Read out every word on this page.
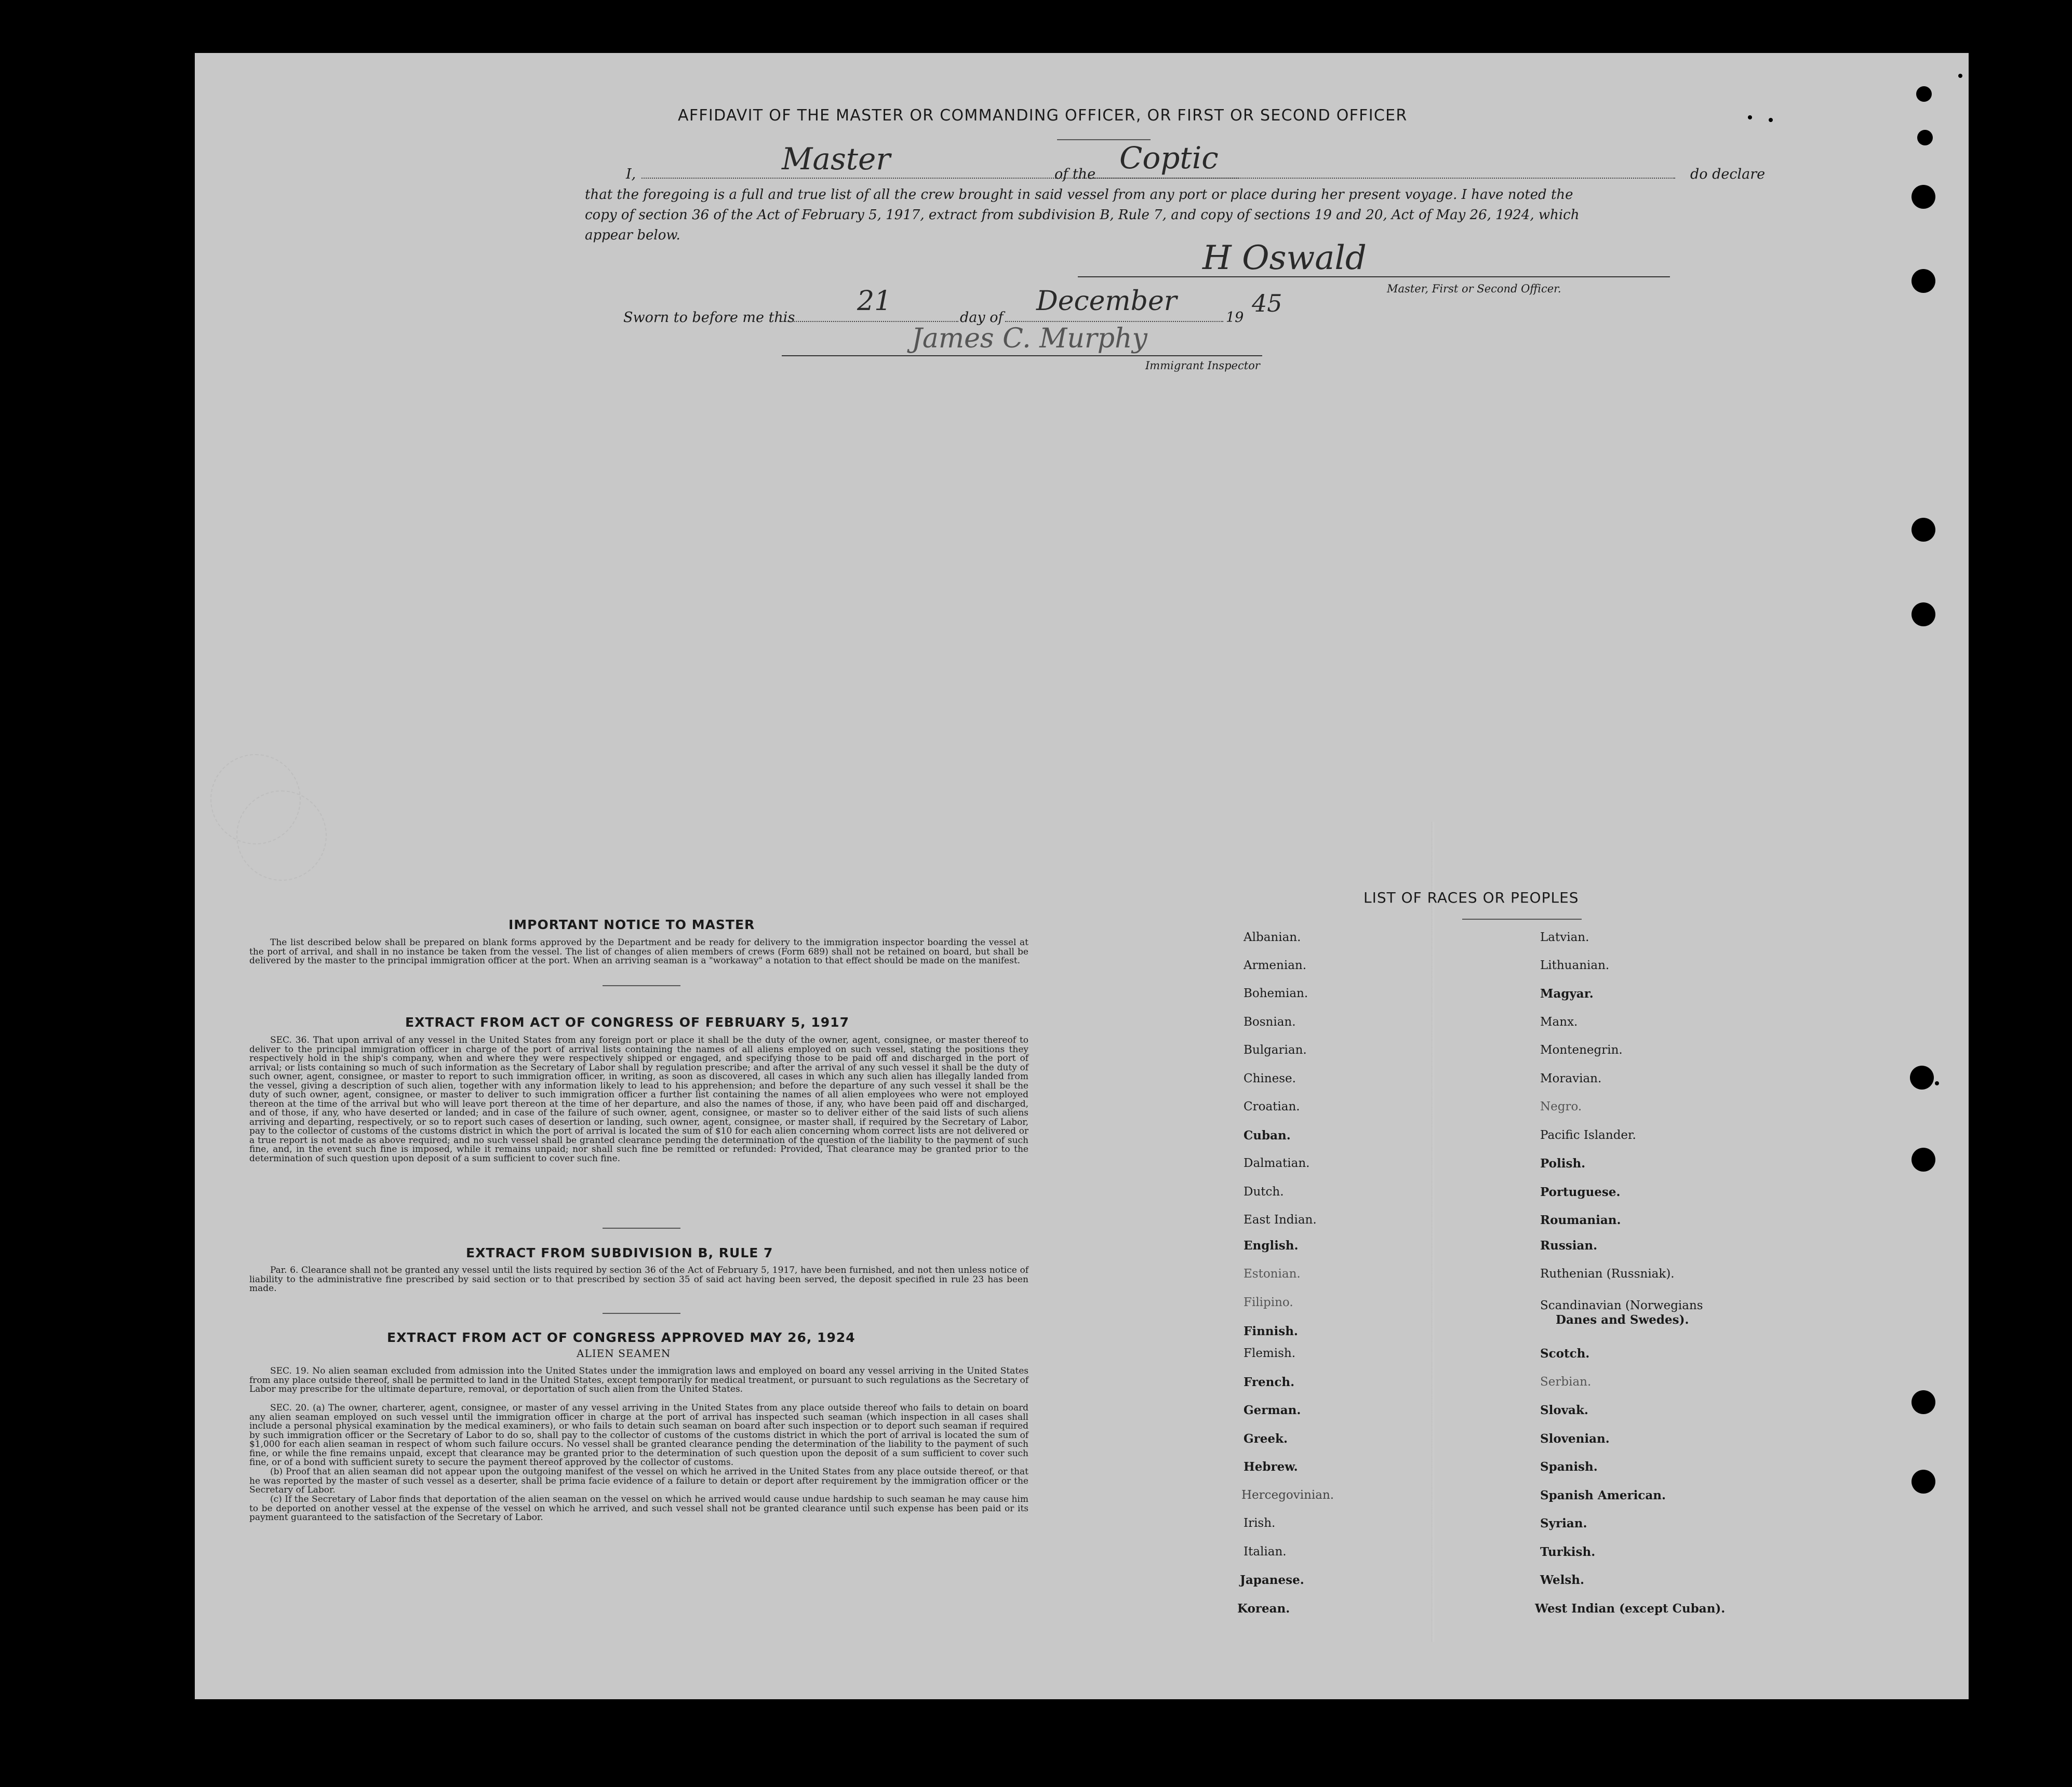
AFFIDAVIT OF THE MASTER OR COMMANDING OFFICER, OR FIRST OR SECOND OFFICER
I,	Master	of the Coptic	do declare
that the foregoing is a full and true list of all the crew brought in said vessel from any port or place during her present voyage. I have noted the
copy of section 36 of the Act of February 5, 1917, extract from subdivision B, Rule 7, and copy of sections 19 and 20, Act of May 26, 1924, which
appear below.
H Oswald
Master, First or Second Officer.
Sworn to before me this
21
day of
December
19
45
James C. Murphy
Immigrant Inspector
IMPORTANT NOTICE TO MASTER
The list described below shall be prepared on blank forms approved by the Department and be ready for delivery to the immigration inspector boarding the vessel at the port of arrival, and shall in no instance be taken from the vessel. The list of changes of alien members of crews (Form 689) shall not be retained on board, but shall be delivered by the master to the principal immigration officer at the port. When an arriving seaman is a "workaway" a notation to that effect should be made on the manifest.
EXTRACT FROM ACT OF CONGRESS OF FEBRUARY 5, 1917
SEC. 36. That upon arrival of any vessel in the United States from any foreign port or place it shall be the duty of the owner, agent, consignee, or master thereof to deliver to the principal immigration officer in charge of the port of arrival lists containing the names of all aliens employed on such vessel, stating the positions they respectively hold in the ship's company, when and where they were respectively shipped or engaged, and specifying those to be paid off and discharged in the port of arrival; or lists containing so much of such information as the Secretary of Labor shall by regulation prescribe; and after the arrival of any such vessel it shall be the duty of such owner, agent, consignee, or master to report to such immigration officer, in writing, as soon as discovered, all cases in which any such alien has illegally landed from the vessel, giving a description of such alien, together with any information likely to lead to his apprehension; and before the departure of any such vessel it shall be the duty of such owner, agent, consignee, or master to deliver to such immigration officer a further list containing the names of all alien employees who were not employed thereon at the time of the arrival but who will leave port thereon at the time of her departure, and also the names of those, if any, who have been paid off and discharged, and of those, if any, who have deserted or landed; and in case of the failure of such owner, agent, consignee, or master so to deliver either of the said lists of such aliens arriving and departing, respectively, or so to report such cases of desertion or landing, such owner, agent, consignee, or master shall, if required by the Secretary of Labor, pay to the collector of customs of the customs district in which the port of arrival is located the sum of $10 for each alien concerning whom correct lists are not delivered or a true report is not made as above required; and no such vessel shall be granted clearance pending the determination of the question of the liability to the payment of such fine, and, in the event such fine is imposed, while it remains unpaid; nor shall such fine be remitted or refunded: Provided, That clearance may be granted prior to the determination of such question upon deposit of a sum sufficient to cover such fine.
EXTRACT FROM SUBDIVISION B, RULE 7
Par. 6. Clearance shall not be granted any vessel until the lists required by section 36 of the Act of February 5, 1917, have been furnished, and not then unless notice of liability to the administrative fine prescribed by said section or to that prescribed by section 35 of said act having been served, the deposit specified in rule 23 has been made.
EXTRACT FROM ACT OF CONGRESS APPROVED MAY 26, 1924
ALIEN SEAMEN
SEC. 19. No alien seaman excluded from admission into the United States under the immigration laws and employed on board any vessel arriving in the United States from any place outside thereof, shall be permitted to land in the United States, except temporarily for medical treatment, or pursuant to such regulations as the Secretary of Labor may prescribe for the ultimate departure, removal, or deportation of such alien from the United States.
SEC. 20. (a) The owner, charterer, agent, consignee, or master of any vessel arriving in the United States from any place outside thereof who fails to detain on board any alien seaman employed on such vessel until the immigration officer in charge at the port of arrival has inspected such seaman (which inspection in all cases shall include a personal physical examination by the medical examiners), or who fails to detain such seaman on board after such inspection or to deport such seaman if required by such immigration officer or the Secretary of Labor to do so, shall pay to the collector of customs of the customs district in which the port of arrival is located the sum of $1,000 for each alien seaman in respect of whom such failure occurs. No vessel shall be granted clearance pending the determination of the liability to the payment of such fine, or while the fine remains unpaid, except that clearance may be granted prior to the determination of such question upon the deposit of a sum sufficient to cover such fine, or of a bond with sufficient surety to secure the payment thereof approved by the collector of customs.
(b) Proof that an alien seaman did not appear upon the outgoing manifest of the vessel on which he arrived in the United States from any place outside thereof, or that he was reported by the master of such vessel as a deserter, shall be prima facie evidence of a failure to detain or deport after requirement by the immigration officer or the Secretary of Labor.
(c) If the Secretary of Labor finds that deportation of the alien seaman on the vessel on which he arrived would cause undue hardship to such seaman he may cause him to be deported on another vessel at the expense of the vessel on which he arrived, and such vessel shall not be granted clearance until such expense has been paid or its payment guaranteed to the satisfaction of the Secretary of Labor.
LIST OF RACES OR PEOPLES
Albanian.
Armenian.
Bohemian.
Bosnian.
Bulgarian.
Chinese.
Croatian.
Cuban.
Dalmatian.
Dutch.
East Indian.
English.
Estonian.
Filipino.
Finnish.
Flemish.
French.
German.
Greek.
Hebrew.
Hercegovinian.
Irish.
Italian.
Japanese.
Korean.
Latvian.
Lithuanian.
Magyar.
Manx.
Montenegrin.
Moravian.
Negro.
Pacific Islander.
Polish.
Portuguese.
Roumanian.
Russian.
Ruthenian (Russniak).
Scandinavian (Norwegians
Danes and Swedes).
Scotch.
Serbian.
Slovak.
Slovenian.
Spanish.
Spanish American.
Syrian.
Turkish.
Welsh.
West Indian (except Cuban).
